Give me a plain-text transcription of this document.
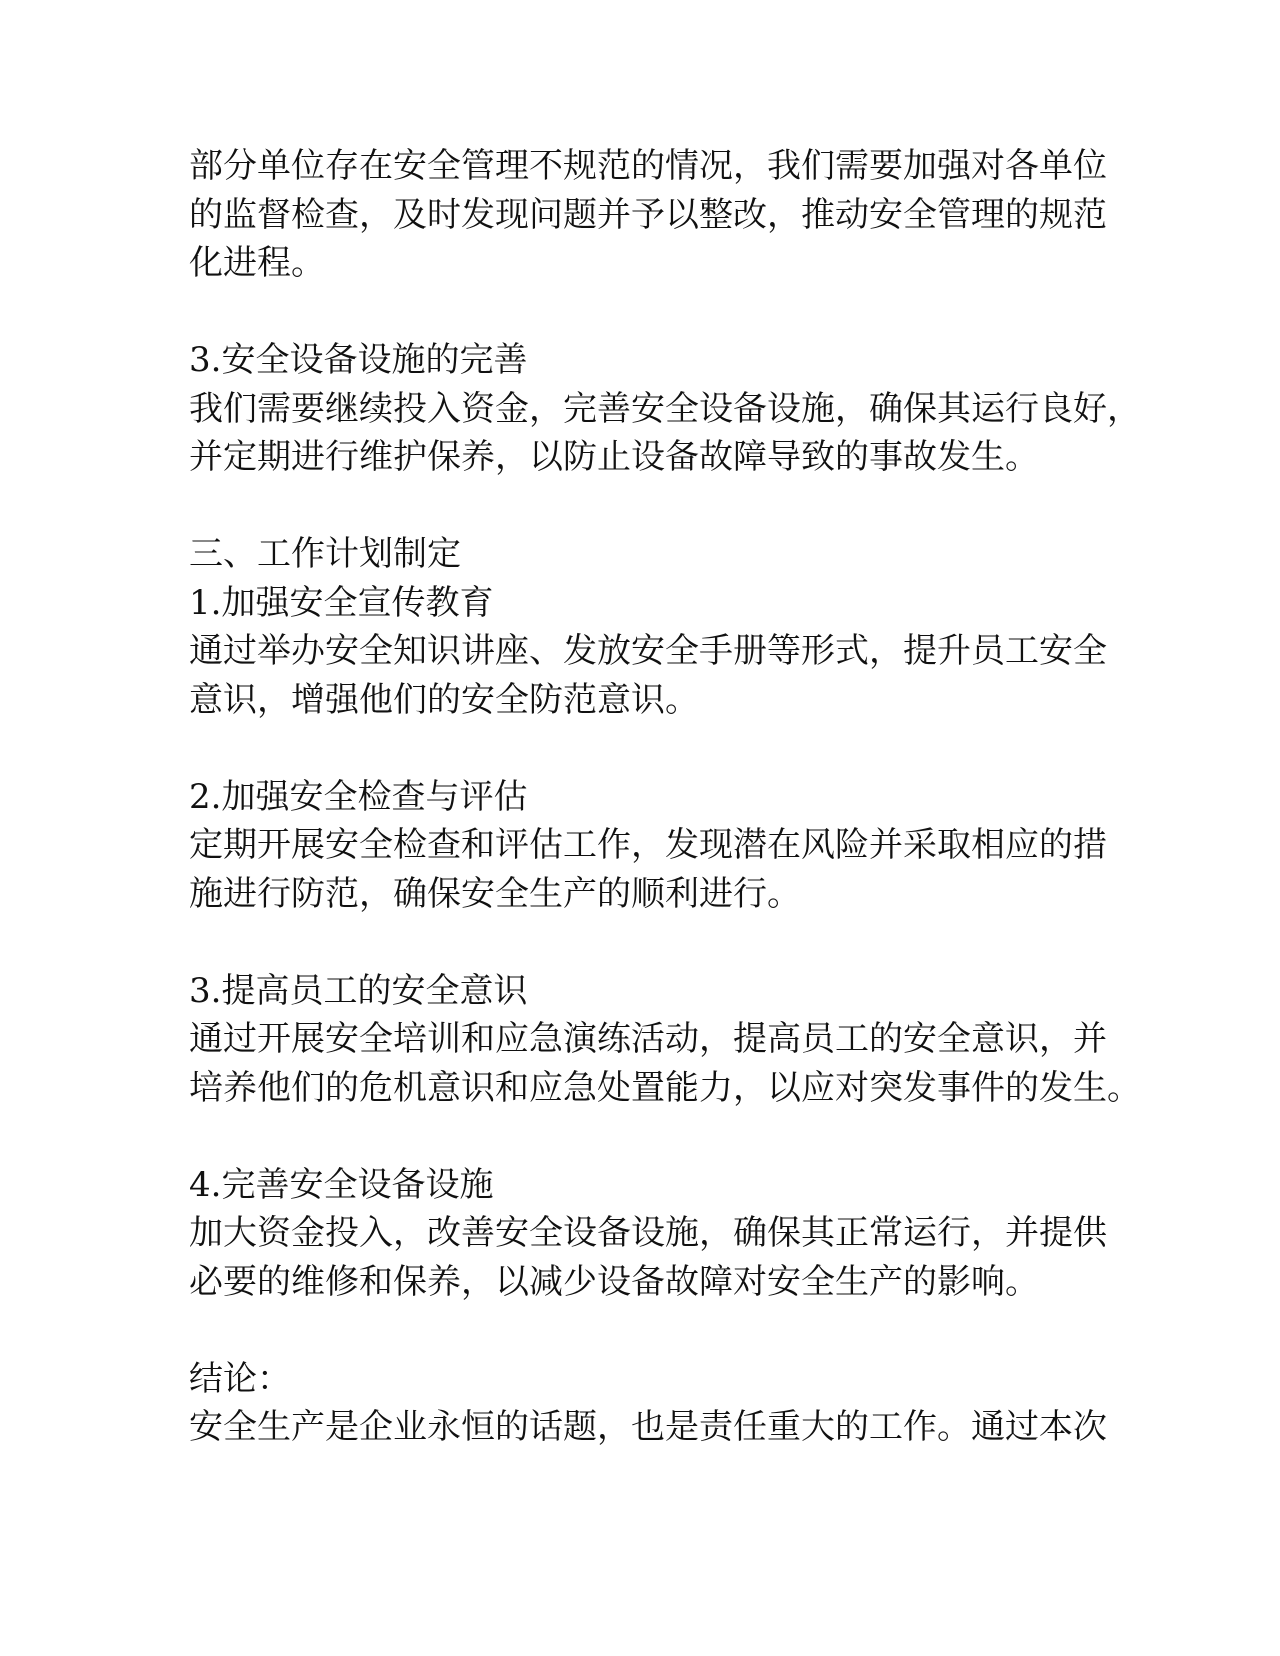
部分单位存在安全管理不规范的情况，我们需要加强对各单位
的监督检查，及时发现问题并予以整改，推动安全管理的规范
化进程。
3.安全设备设施的完善
我们需要继续投入资金，完善安全设备设施，确保其运行良好，
并定期进行维护保养，以防止设备故障导致的事故发生。
三、工作计划制定
1.加强安全宣传教育
通过举办安全知识讲座、发放安全手册等形式，提升员工安全
意识，增强他们的安全防范意识。
2.加强安全检查与评估
定期开展安全检查和评估工作，发现潜在风险并采取相应的措
施进行防范，确保安全生产的顺利进行。
3.提高员工的安全意识
通过开展安全培训和应急演练活动，提高员工的安全意识，并
培养他们的危机意识和应急处置能力，以应对突发事件的发生。
4.完善安全设备设施
加大资金投入，改善安全设备设施，确保其正常运行，并提供
必要的维修和保养，以减少设备故障对安全生产的影响。
结论：
安全生产是企业永恒的话题，也是责任重大的工作。通过本次
